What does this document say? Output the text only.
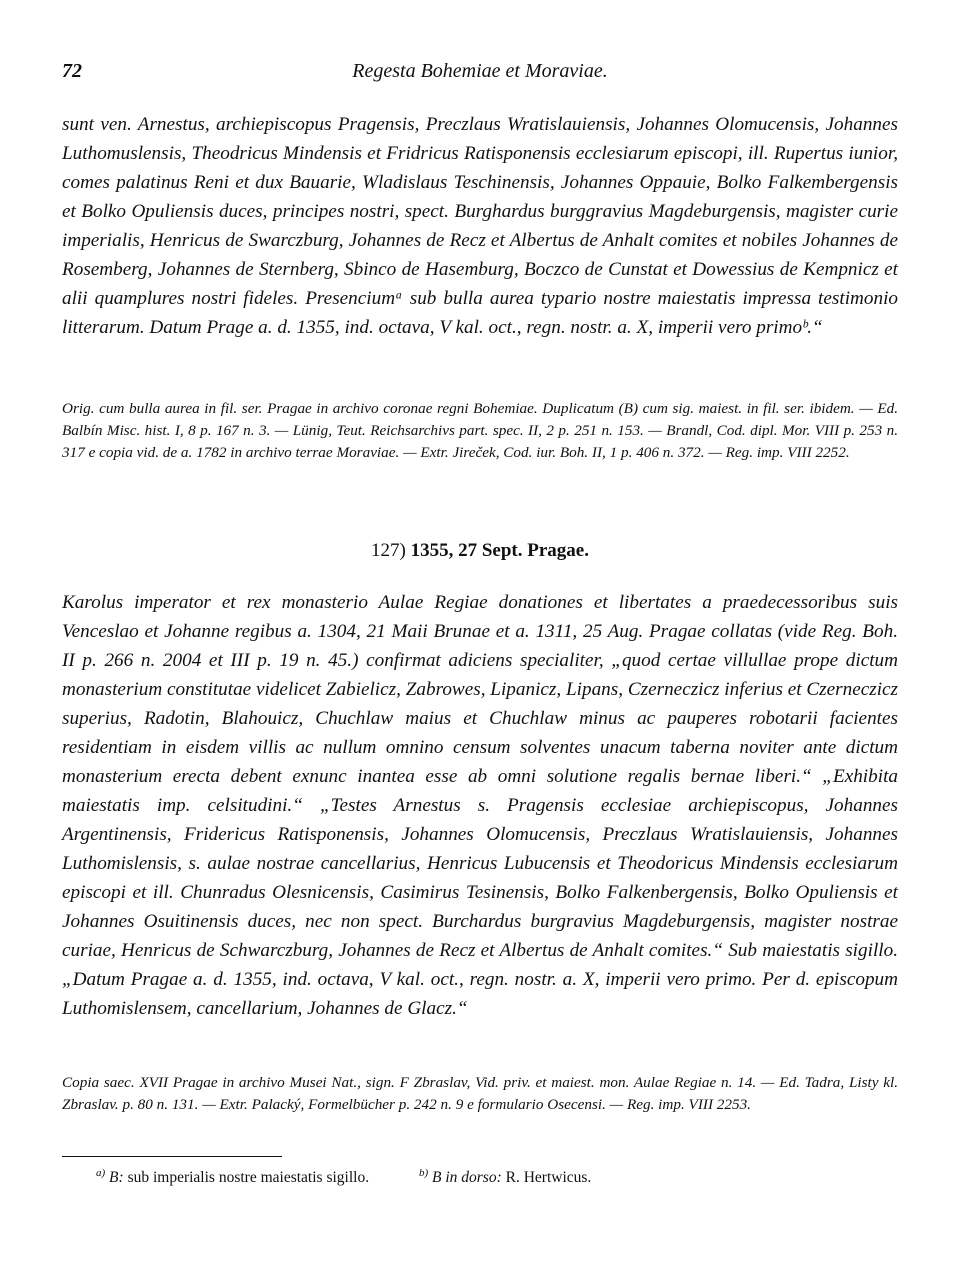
72	Regesta Bohemiae et Moraviae.
sunt ven. Arnestus, archiepiscopus Pragensis, Preczlaus Wratislauiensis, Johannes Olomucensis, Johannes Luthomuslensis, Theodricus Mindensis et Fridricus Ratisponensis ecclesiarum episcopi, ill. Rupertus iunior, comes palatinus Reni et dux Bauarie, Wladislaus Teschinensis, Johannes Oppauie, Bolko Falkembergensis et Bolko Opuliensis duces, principes nostri, spect. Burghardus burggravius Magdeburgensis, magister curie imperialis, Henricus de Swarczburg, Johannes de Recz et Albertus de Anhalt comites et nobiles Johannes de Rosemberg, Johannes de Sternberg, Sbinco de Hasemburg, Boczco de Cunstat et Dowessius de Kempnicz et alii quamplures nostri fideles. Presenciumᵃ sub bulla aurea typario nostre maiestatis impressa testimonio litterarum. Datum Prage a. d. 1355, ind. octava, V kal. oct., regn. nostr. a. X, imperii vero primoᵇ.“
Orig. cum bulla aurea in fil. ser. Pragae in archivo coronae regni Bohemiae. Duplicatum (B) cum sig. maiest. in fil. ser. ibidem. — Ed. Balbín Misc. hist. I, 8 p. 167 n. 3. — Lünig, Teut. Reichsarchivs part. spec. II, 2 p. 251 n. 153. — Brandl, Cod. dipl. Mor. VIII p. 253 n. 317 e copia vid. de a. 1782 in archivo terrae Moraviae. — Extr. Jireček, Cod. iur. Boh. II, 1 p. 406 n. 372. — Reg. imp. VIII 2252.
127) 1355, 27 Sept. Pragae.
Karolus imperator et rex monasterio Aulae Regiae donationes et libertates a praedecessoribus suis Venceslao et Johanne regibus a. 1304, 21 Maii Brunae et a. 1311, 25 Aug. Pragae collatas (vide Reg. Boh. II p. 266 n. 2004 et III p. 19 n. 45.) confirmat adiciens specialiter, „quod certae villullae prope dictum monasterium constitutae videlicet Zabielicz, Zabrowes, Lipanicz, Lipans, Czerneczicz inferius et Czerneczicz superius, Radotin, Blahouicz, Chuchlaw maius et Chuchlaw minus ac pauperes robotarii facientes residentiam in eisdem villis ac nullum omnino censum solventes unacum taberna noviter ante dictum monasterium erecta debent exnunc inantea esse ab omni solutione regalis bernae liberi.“ „Exhibita maiestatis imp. celsitudini.“ „Testes Arnestus s. Pragensis ecclesiae archiepiscopus, Johannes Argentinensis, Fridericus Ratisponensis, Johannes Olomucensis, Preczlaus Wratislauiensis, Johannes Luthomislensis, s. aulae nostrae cancellarius, Henricus Lubucensis et Theodoricus Mindensis ecclesiarum episcopi et ill. Chunradus Olesnicensis, Casimirus Tesinensis, Bolko Falkenbergensis, Bolko Opuliensis et Johannes Osuitinensis duces, nec non spect. Burchardus burgravius Magdeburgensis, magister nostrae curiae, Henricus de Schwarczburg, Johannes de Recz et Albertus de Anhalt comites.“ Sub maiestatis sigillo. „Datum Pragae a. d. 1355, ind. octava, V kal. oct., regn. nostr. a. X, imperii vero primo. Per d. episcopum Luthomislensem, cancellarium, Johannes de Glacz.“
Copia saec. XVII Pragae in archivo Musei Nat., sign. F Zbraslav, Vid. priv. et maiest. mon. Aulae Regiae n. 14. — Ed. Tadra, Listy kl. Zbraslav. p. 80 n. 131. — Extr. Palacký, Formelbücher p. 242 n. 9 e formulario Osecensi. — Reg. imp. VIII 2253.
$^{a)}$ B: sub imperialis nostre maiestatis sigillo.	$^{b)}$ B in dorso: R. Hertwicus.
